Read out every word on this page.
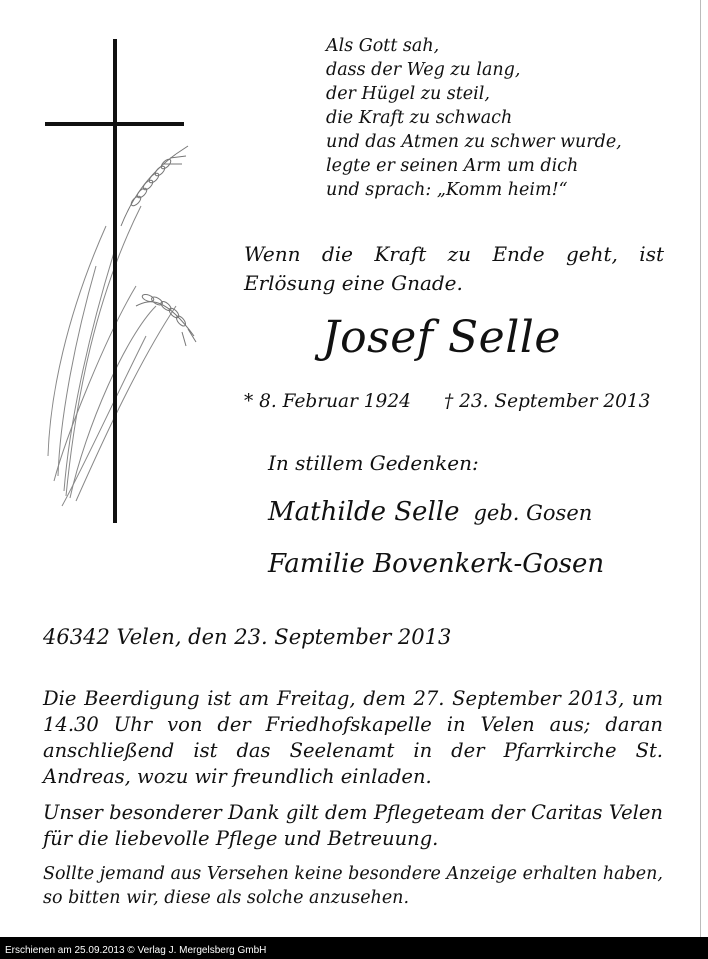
Als Gott sah,
dass der Weg zu lang,
der Hügel zu steil,
die Kraft zu schwach
und das Atmen zu schwer wurde,
legte er seinen Arm um dich
und sprach: „Komm heim!“
Wenn die Kraft zu Ende geht, ist Erlösung eine Gnade.
Josef Selle
* 8. Februar 1924 † 23. September 2013
In stillem Gedenken:
Mathilde Selle geb. Gosen
Familie Bovenkerk-Gosen
46342 Velen, den 23. September 2013
Die Beerdigung ist am Freitag, dem 27. September 2013, um 14.30 Uhr von der Friedhofskapelle in Velen aus; daran anschließend ist das Seelenamt in der Pfarrkirche St. Andreas, wozu wir freundlich einladen.
Unser besonderer Dank gilt dem Pflegeteam der Caritas Velen für die liebevolle Pflege und Betreuung.
Sollte jemand aus Versehen keine besondere Anzeige erhalten haben, so bitten wir, diese als solche anzusehen.
Erschienen am 25.09.2013 © Verlag J. Mergelsberg GmbH
